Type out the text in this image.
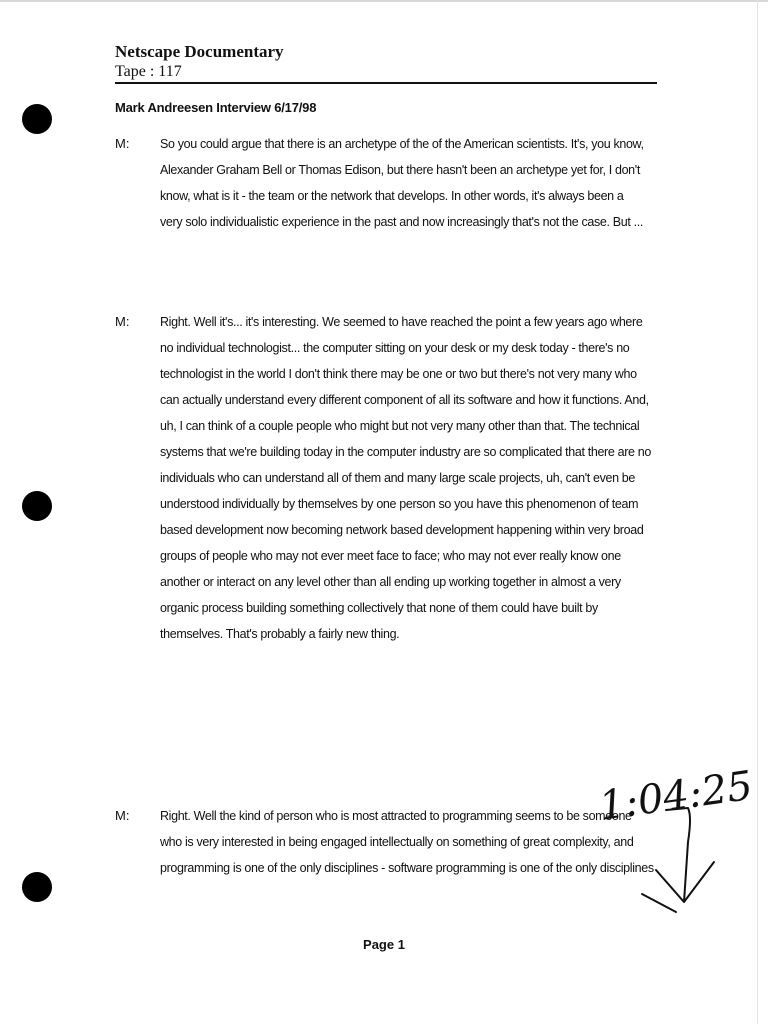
Netscape Documentary
Tape : 117
Mark Andreesen Interview 6/17/98
M: So you could argue that there is an archetype of the of the American scientists. It's, you know,
Alexander Graham Bell or Thomas Edison, but there hasn't been an archetype yet for, I don't
know, what is it - the team or the network that develops. In other words, it's always been a
very solo individualistic experience in the past and now increasingly that's not the case. But ...
M: Right. Well it's... it's interesting. We seemed to have reached the point a few years ago where
no individual technologist... the computer sitting on your desk or my desk today - there's no
technologist in the world I don't think there may be one or two but there's not very many who
can actually understand every different component of all its software and how it functions. And,
uh, I can think of a couple people who might but not very many other than that. The technical
systems that we're building today in the computer industry are so complicated that there are no
individuals who can understand all of them and many large scale projects, uh, can't even be
understood individually by themselves by one person so you have this phenomenon of team
based development now becoming network based development happening within very broad
groups of people who may not ever meet face to face; who may not ever really know one
another or interact on any level other than all ending up working together in almost a very
organic process building something collectively that none of them could have built by
themselves. That's probably a fairly new thing.
M: Right. Well the kind of person who is most attracted to programming seems to be someone
who is very interested in being engaged intellectually on something of great complexity, and
programming is one of the only disciplines - software programming is one of the only disciplines
1:04:25
Page 1
